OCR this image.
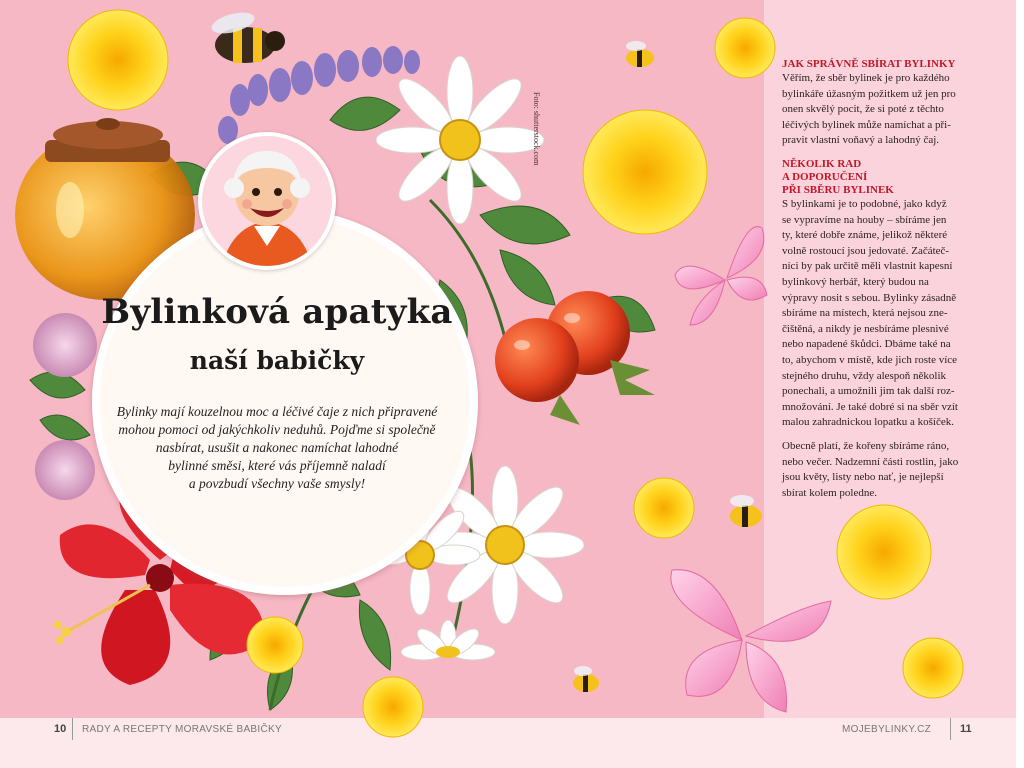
Bylinková apatyka
naší babičky
Bylinky mají kouzelnou moc a léčivé čaje z nich připravené
mohou pomoci od jakýchkoliv neduhů. Pojďme si společně
nasbírat, usušit a nakonec namíchat lahodné
bylinné směsi, které vás příjemně naladí
a povzbudí všechny vaše smysly!
Foto: shutterstock.com

JAK SPRÁVNĚ SBÍRAT BYLINKY

Věřím, že sběr bylinek je pro každého

bylinkáře úžasným požitkem už jen pro

onen skvělý pocit, že si poté z těchto

léčivých bylinek může namíchat a při-

pravit vlastní voňavý a lahodný čaj.

NĚKOLIK RAD

A DOPORUČENÍ

PŘI SBĚRU BYLINEK

S bylinkami je to podobné, jako když

se vypravíme na houby – sbíráme jen

ty, které dobře známe, jelikož některé

volně rostoucí jsou jedovaté. Začáteč-

níci by pak určitě měli vlastnit kapesní

bylinkový herbář, který budou na

výpravy nosit s sebou. Bylinky zásadně

sbíráme na místech, která nejsou zne-

čištěná, a nikdy je nesbíráme plesnivé

nebo napadené škůdci. Dbáme také na

to, abychom v místě, kde jich roste více

stejného druhu, vždy alespoň několik

ponechali, a umožnili jim tak další roz-

množování. Je také dobré si na sběr vzít

malou zahradnickou lopatku a košíček.

Obecně platí, že kořeny sbíráme ráno,

nebo večer. Nadzemní části rostlin, jako

jsou květy, listy nebo nať, je nejlepší

sbírat kolem poledne.

10 RADY A RECEPTY MORAVSKÉ BABIČKY	MOJEBYLINKY.CZ	11
